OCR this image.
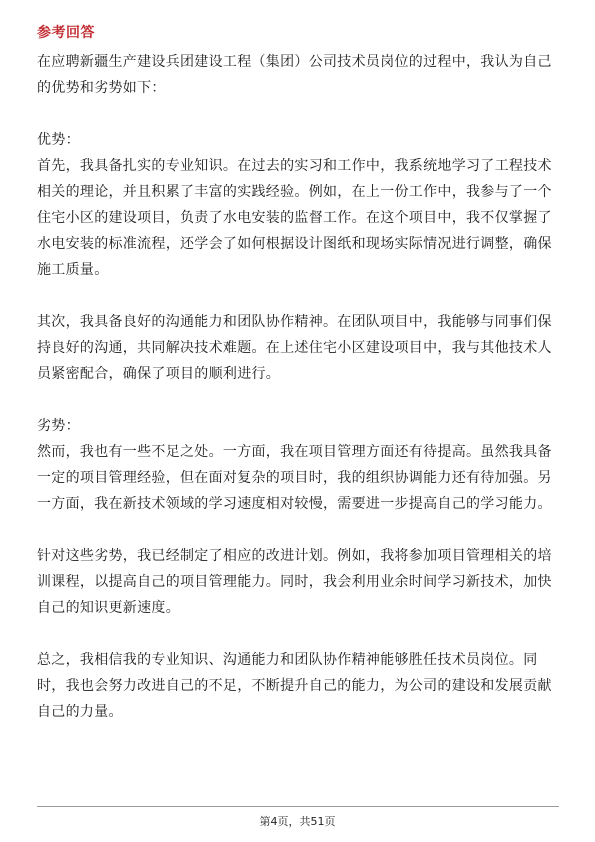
参考回答

在应聘新疆生产建设兵团建设工程（集团）公司技术员岗位的过程中，我认为自己的优势和劣势如下：

优势：

首先，我具备扎实的专业知识。在过去的实习和工作中，我系统地学习了工程技术相关的理论，并且积累了丰富的实践经验。例如，在上一份工作中，我参与了一个住宅小区的建设项目，负责了水电安装的监督工作。在这个项目中，我不仅掌握了水电安装的标准流程，还学会了如何根据设计图纸和现场实际情况进行调整，确保施工质量。

其次，我具备良好的沟通能力和团队协作精神。在团队项目中，我能够与同事们保持良好的沟通，共同解决技术难题。在上述住宅小区建设项目中，我与其他技术人员紧密配合，确保了项目的顺利进行。

劣势：

然而，我也有一些不足之处。一方面，我在项目管理方面还有待提高。虽然我具备一定的项目管理经验，但在面对复杂的项目时，我的组织协调能力还有待加强。另一方面，我在新技术领域的学习速度相对较慢，需要进一步提高自己的学习能力。

针对这些劣势，我已经制定了相应的改进计划。例如，我将参加项目管理相关的培训课程，以提高自己的项目管理能力。同时，我会利用业余时间学习新技术，加快自己的知识更新速度。

总之，我相信我的专业知识、沟通能力和团队协作精神能够胜任技术员岗位。同时，我也会努力改进自己的不足，不断提升自己的能力，为公司的建设和发展贡献自己的力量。

第4页，共51页
